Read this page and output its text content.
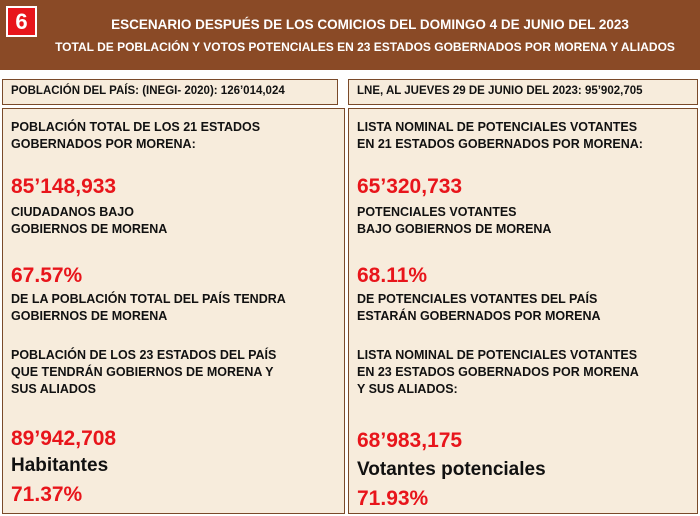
6	ESCENARIO DESPUÉS DE LOS COMICIOS DEL DOMINGO 4 DE JUNIO DEL 2023
TOTAL DE POBLACIÓN Y VOTOS POTENCIALES EN 23 ESTADOS GOBERNADOS POR MORENA Y ALIADOS
POBLACIÓN DEL PAÍS: (INEGI- 2020): 126’014,024	LNE, AL JUEVES 29 DE JUNIO DEL 2023: 95’902,705
POBLACIÓN TOTAL DE LOS 21 ESTADOS
GOBERNADOS POR MORENA:
85’148,933
CIUDADANOS BAJO
GOBIERNOS DE MORENA
67.57%
DE LA POBLACIÓN TOTAL DEL PAÍS TENDRA
GOBIERNOS DE MORENA
POBLACIÓN DE LOS 23 ESTADOS DEL PAÍS
QUE TENDRÁN GOBIERNOS DE MORENA Y
SUS ALIADOS
89’942,708
Habitantes
71.37%
LISTA NOMINAL DE POTENCIALES VOTANTES
EN 21 ESTADOS GOBERNADOS POR MORENA:
65’320,733
POTENCIALES VOTANTES
BAJO GOBIERNOS DE MORENA
68.11%
DE POTENCIALES VOTANTES DEL PAÍS
ESTARÁN GOBERNADOS POR MORENA
LISTA NOMINAL DE POTENCIALES VOTANTES
EN 23 ESTADOS GOBERNADOS POR MORENA
Y SUS ALIADOS:
68’983,175
Votantes potenciales
71.93%
